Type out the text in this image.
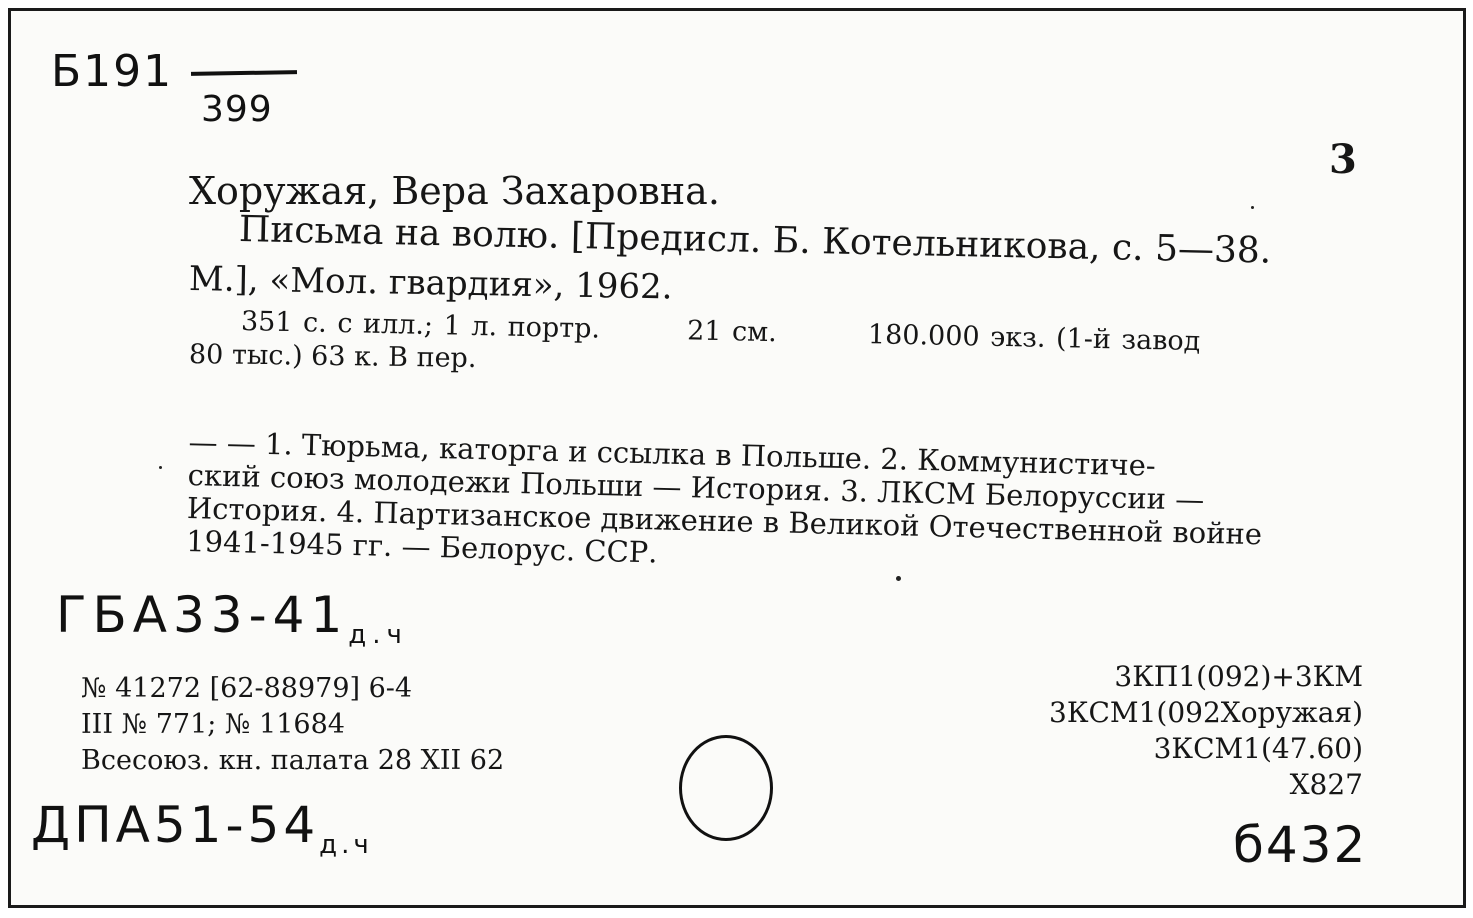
Б191
399
3
Хоружая, Вера Захаровна.
Письма на волю. [Предисл. Б. Котельникова, с. 5—38.
М.], «Мол. гвардия», 1962.
351 с. с илл.; 1 л. портр.	21 см.	180.000 экз. (1-й завод
80 тыс.) 63 к. В пер.
— — 1. Тюрьма, каторга и ссылка в Польше. 2. Коммунистиче-
ский союз молодежи Польши — История. 3. ЛКСМ Белоруссии —
История. 4. Партизанское движение в Великой Отечественной войне
1941-1945 гг. — Белорус. ССР.
$ГБА33-41_{д.ч}$
№ 41272 [62-88979] 6-4
III № 771; № 11684
Всесоюз. кн. палата 28 XII 62
3КП1(092)+3КМ
3КСМ1(092Хоружая)
3КСМ1(47.60)
Х827
$ДПА51-54_{д.ч}$	б432
